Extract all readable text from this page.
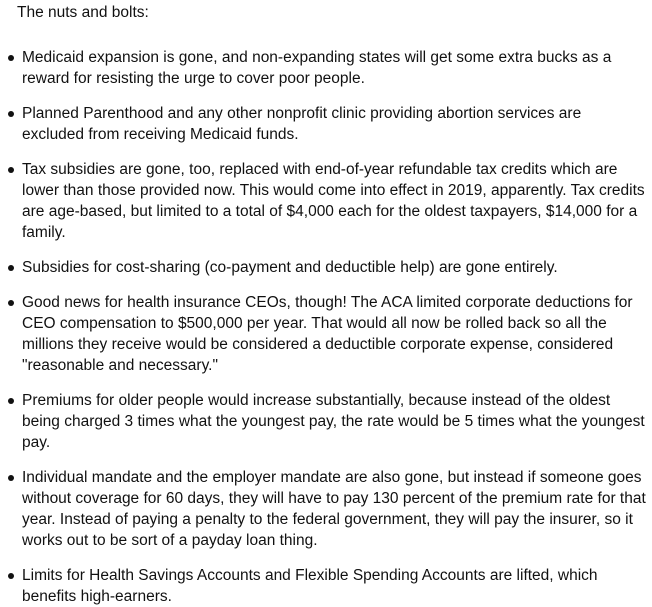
The nuts and bolts:

Medicaid expansion is gone, and non-expanding states will get some extra bucks as a reward for resisting the urge to cover poor people.
Planned Parenthood and any other nonprofit clinic providing abortion services are excluded from receiving Medicaid funds.
Tax subsidies are gone, too, replaced with end-of-year refundable tax credits which are lower than those provided now. This would come into effect in 2019, apparently. Tax credits are age-based, but limited to a total of $4,000 each for the oldest taxpayers, $14,000 for a family.
Subsidies for cost-sharing (co-payment and deductible help) are gone entirely.
Good news for health insurance CEOs, though! The ACA limited corporate deductions for CEO compensation to $500,000 per year. That would all now be rolled back so all the millions they receive would be considered a deductible corporate expense, considered "reasonable and necessary."
Premiums for older people would increase substantially, because instead of the oldest being charged 3 times what the youngest pay, the rate would be 5 times what the youngest pay.
Individual mandate and the employer mandate are also gone, but instead if someone goes without coverage for 60 days, they will have to pay 130 percent of the premium rate for that year. Instead of paying a penalty to the federal government, they will pay the insurer, so it works out to be sort of a payday loan thing.
Limits for Health Savings Accounts and Flexible Spending Accounts are lifted, which benefits high-earners.
